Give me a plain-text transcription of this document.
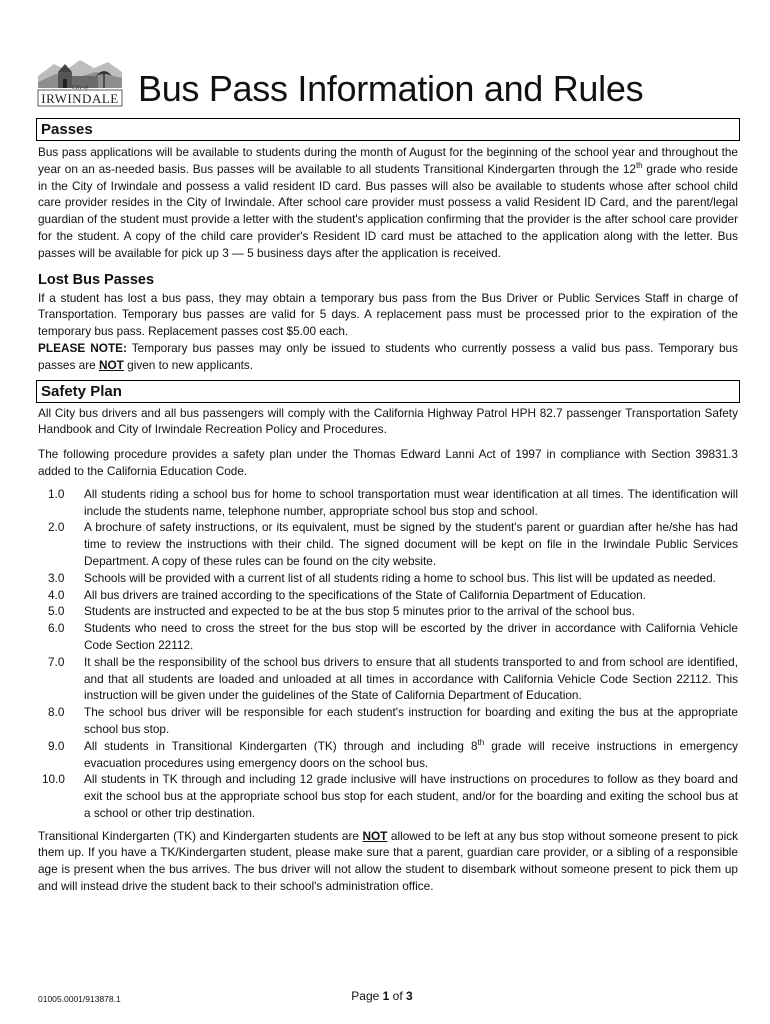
City of
IRWINDALE Bus Pass Information and Rules
Passes

Bus pass applications will be available to students during the month of August for the beginning of the school year and throughout the year on an as-needed basis. Bus passes will be available to all students Transitional Kindergarten through the 12th grade who reside in the City of Irwindale and possess a valid resident ID card. Bus passes will also be available to students whose after school child care provider resides in the City of Irwindale. After school care provider must possess a valid Resident ID Card, and the parent/legal guardian of the student must provide a letter with the student's application confirming that the provider is the after school care provider for the student. A copy of the child care provider's Resident ID card must be attached to the application along with the letter. Bus passes will be available for pick up 3 — 5 business days after the application is received.

Lost Bus Passes

If a student has lost a bus pass, they may obtain a temporary bus pass from the Bus Driver or Public Services Staff in charge of Transportation. Temporary bus passes are valid for 5 days. A replacement pass must be processed prior to the expiration of the temporary bus pass. Replacement passes cost $5.00 each.

PLEASE NOTE: Temporary bus passes may only be issued to students who currently possess a valid bus pass. Temporary bus passes are NOT given to new applicants.

Safety Plan

All City bus drivers and all bus passengers will comply with the California Highway Patrol HPH 82.7 passenger Transportation Safety Handbook and City of Irwindale Recreation Policy and Procedures.

The following procedure provides a safety plan under the Thomas Edward Lanni Act of 1997 in compliance with Section 39831.3 added to the California Education Code.

1.0	All students riding a school bus for home to school transportation must wear identification at all times. The identification will include the students name, telephone number, appropriate school bus stop and school.
2.0	A brochure of safety instructions, or its equivalent, must be signed by the student's parent or guardian after he/she has had time to review the instructions with their child. The signed document will be kept on file in the Irwindale Public Services Department. A copy of these rules can be found on the city website.
3.0	Schools will be provided with a current list of all students riding a home to school bus. This list will be updated as needed.
4.0	All bus drivers are trained according to the specifications of the State of California Department of Education.
5.0	Students are instructed and expected to be at the bus stop 5 minutes prior to the arrival of the school bus.
6.0	Students who need to cross the street for the bus stop will be escorted by the driver in accordance with California Vehicle Code Section 22112.
7.0	It shall be the responsibility of the school bus drivers to ensure that all students transported to and from school are identified, and that all students are loaded and unloaded at all times in accordance with California Vehicle Code Section 22112. This instruction will be given under the guidelines of the State of California Department of Education.
8.0	The school bus driver will be responsible for each student's instruction for boarding and exiting the bus at the appropriate school bus stop.
9.0	All students in Transitional Kindergarten (TK) through and including 8th grade will receive instructions in emergency evacuation procedures using emergency doors on the school bus.
10.0	All students in TK through and including 12 grade inclusive will have instructions on procedures to follow as they board and exit the school bus at the appropriate school bus stop for each student, and/or for the boarding and exiting the school bus at a school or other trip destination.

Transitional Kindergarten (TK) and Kindergarten students are NOT allowed to be left at any bus stop without someone present to pick them up. If you have a TK/Kindergarten student, please make sure that a parent, guardian care provider, or a sibling of a responsible age is present when the bus arrives. The bus driver will not allow the student to disembark without someone present to pick them up and will instead drive the student back to their school's administration office.

01005.0001/913878.1	Page 1 of 3
